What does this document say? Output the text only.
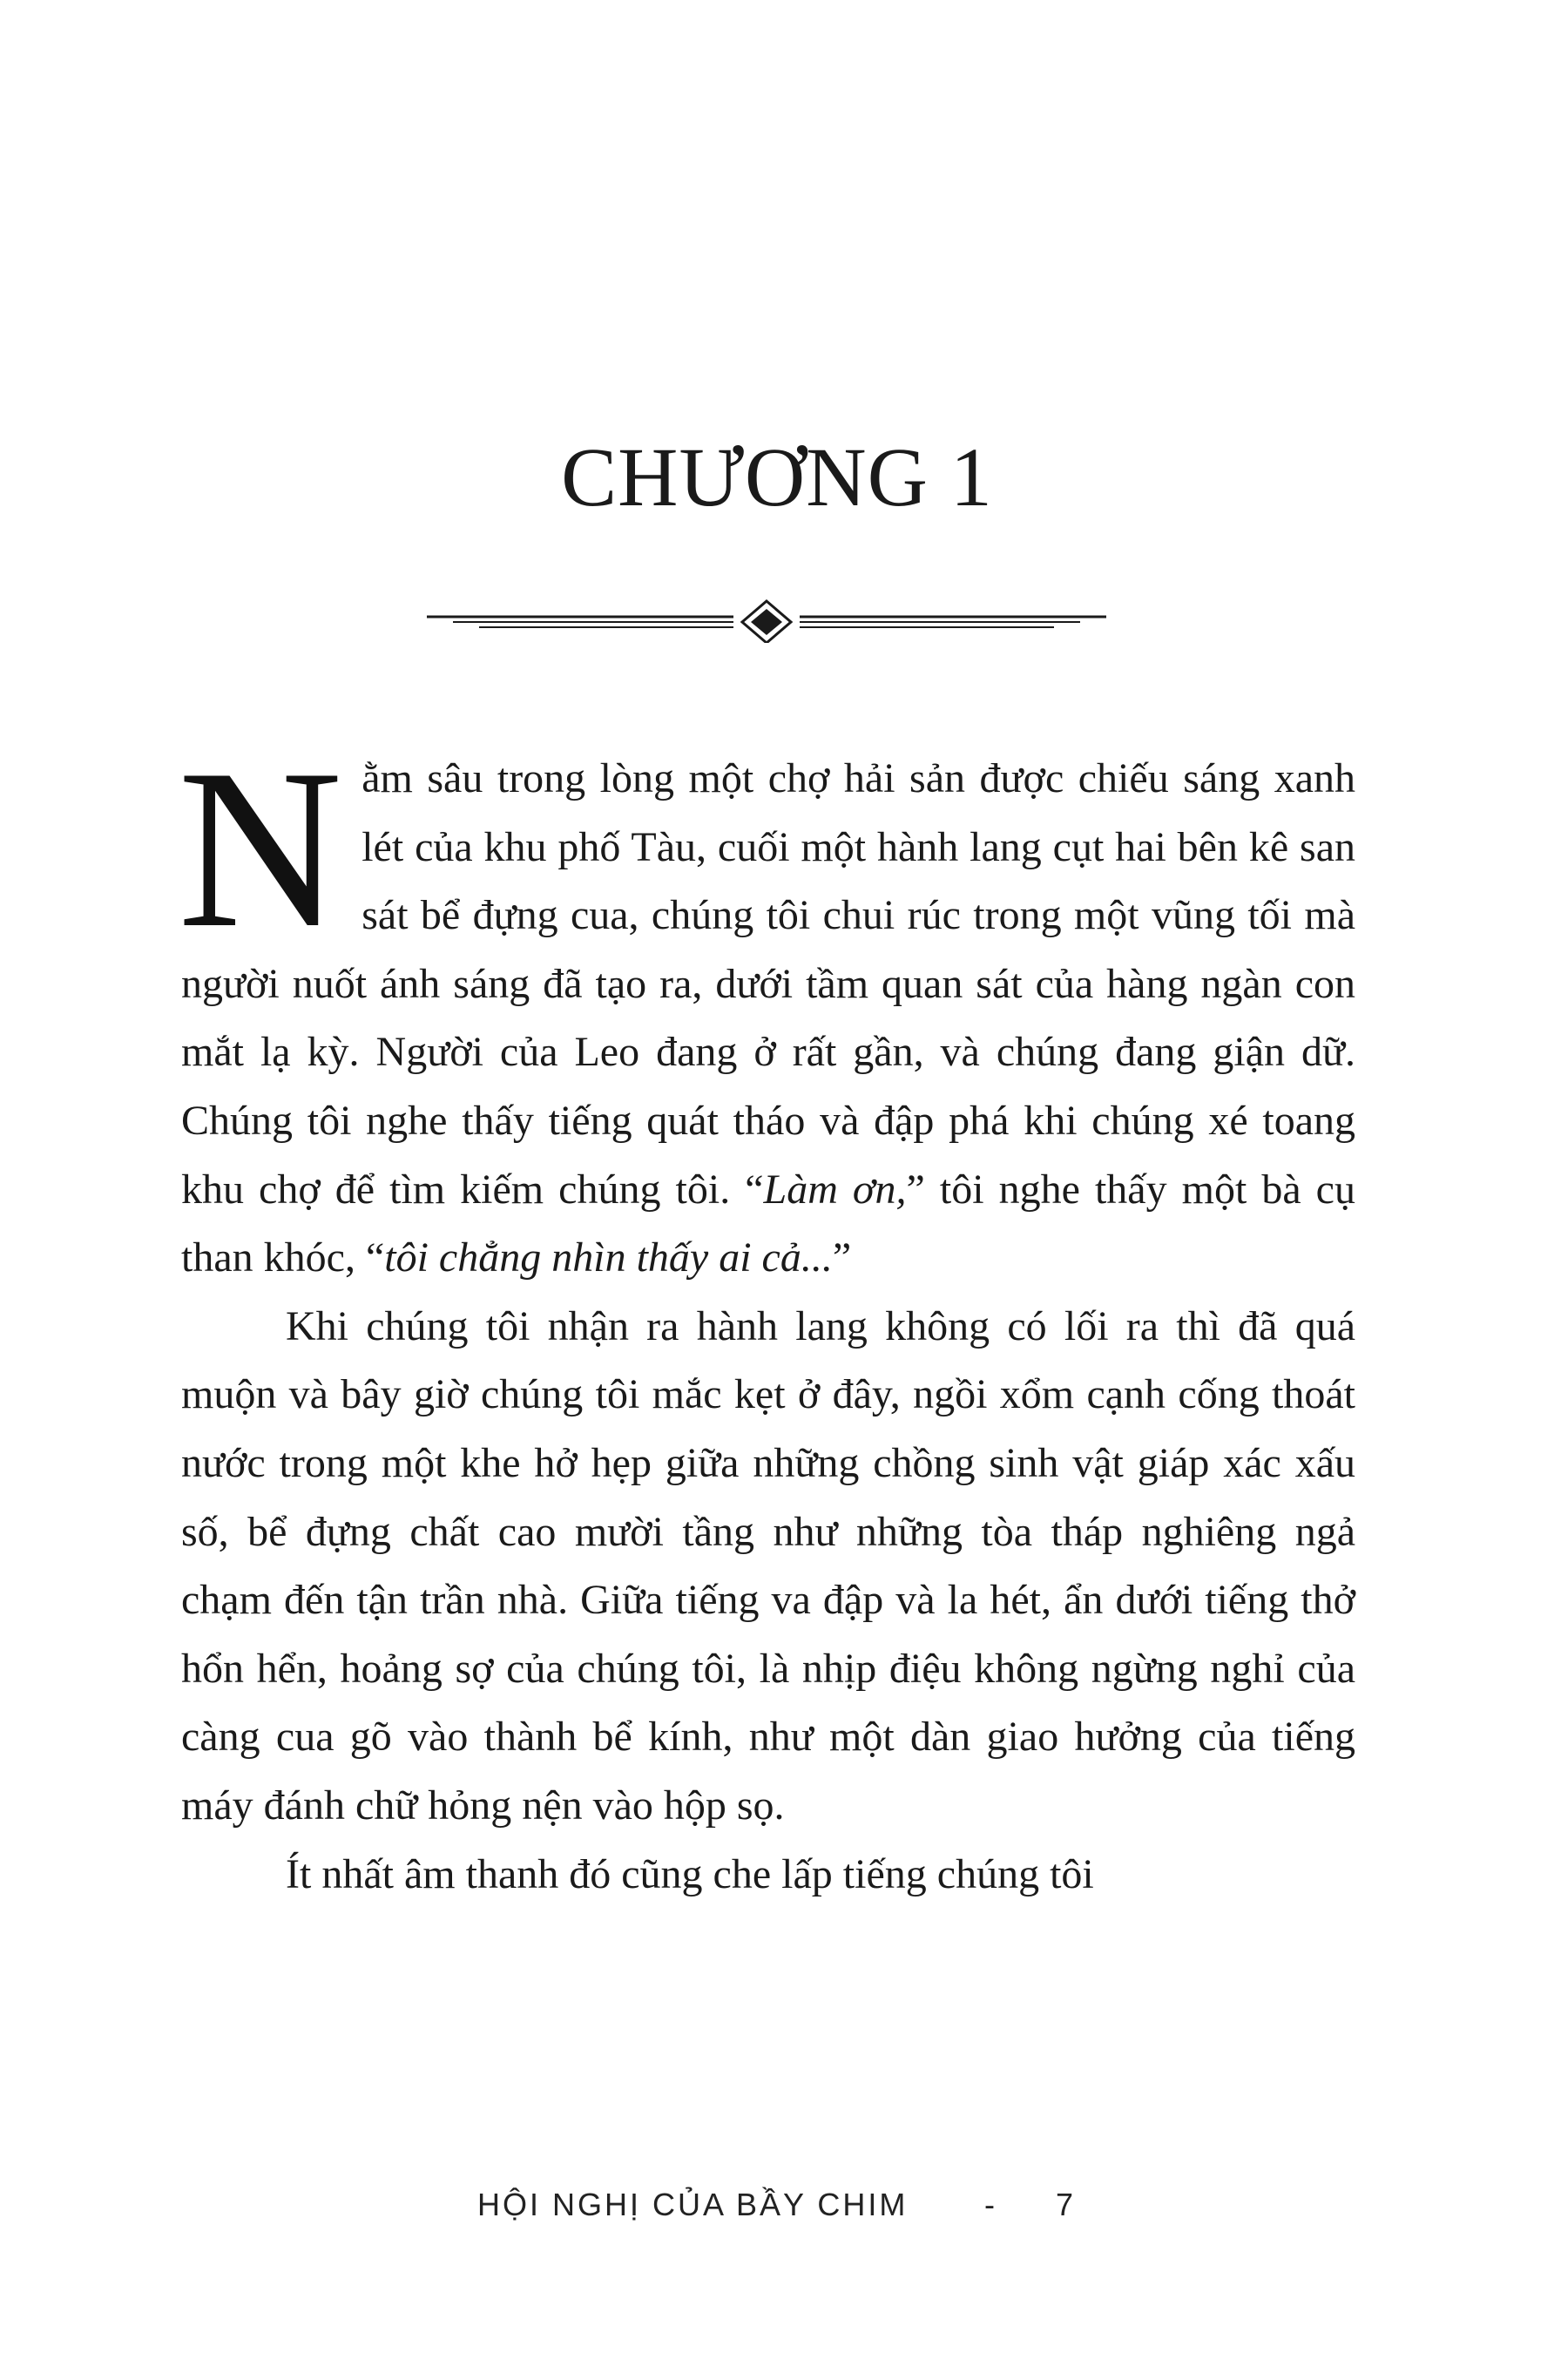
CHƯƠNG 1

Nằm sâu trong lòng một chợ hải sản được chiếu sáng xanh lét của khu phố Tàu, cuối một hành lang cụt hai bên kê san sát bể đựng cua, chúng tôi chui rúc trong một vũng tối mà người nuốt ánh sáng đã tạo ra, dưới tầm quan sát của hàng ngàn con mắt lạ kỳ. Người của Leo đang ở rất gần, và chúng đang giận dữ. Chúng tôi nghe thấy tiếng quát tháo và đập phá khi chúng xé toang khu chợ để tìm kiếm chúng tôi. “Làm ơn,” tôi nghe thấy một bà cụ than khóc, “tôi chẳng nhìn thấy ai cả...”

Khi chúng tôi nhận ra hành lang không có lối ra thì đã quá muộn và bây giờ chúng tôi mắc kẹt ở đây, ngồi xổm cạnh cống thoát nước trong một khe hở hẹp giữa những chồng sinh vật giáp xác xấu số, bể đựng chất cao mười tầng như những tòa tháp nghiêng ngả chạm đến tận trần nhà. Giữa tiếng va đập và la hét, ẩn dưới tiếng thở hổn hển, hoảng sợ của chúng tôi, là nhịp điệu không ngừng nghỉ của càng cua gõ vào thành bể kính, như một dàn giao hưởng của tiếng máy đánh chữ hỏng nện vào hộp sọ.

Ít nhất âm thanh đó cũng che lấp tiếng chúng tôi

HỘI NGHỊ CỦA BẦY CHIM - 7
